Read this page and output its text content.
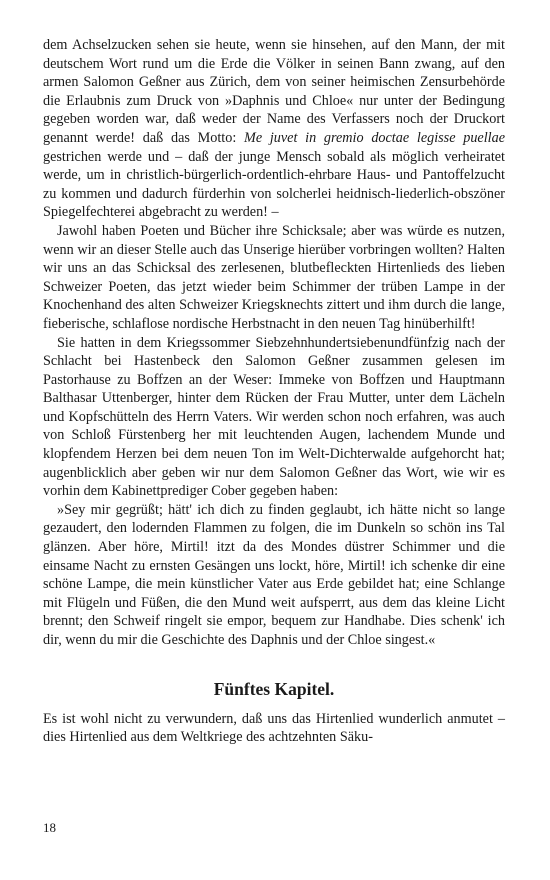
dem Achselzucken sehen sie heute, wenn sie hinsehen, auf den Mann, der mit deutschem Wort rund um die Erde die Völker in seinen Bann zwang, auf den armen Salomon Geßner aus Zürich, dem von seiner heimischen Zensurbehörde die Erlaubnis zum Druck von »Daphnis und Chloe« nur unter der Bedingung gegeben worden war, daß weder der Name des Verfassers noch der Druckort genannt werde! daß das Motto: Me juvet in gremio doctae legisse puellae gestrichen werde und – daß der junge Mensch sobald als möglich verheiratet werde, um in christlich-bürgerlich-ordentlich-ehrbare Haus- und Pantoffelzucht zu kommen und dadurch fürderhin von solcherlei heidnisch-liederlich-obszöner Spiegelfechterei abgebracht zu werden! –

Jawohl haben Poeten und Bücher ihre Schicksale; aber was würde es nutzen, wenn wir an dieser Stelle auch das Unserige hierüber vorbringen wollten? Halten wir uns an das Schicksal des zerlesenen, blutbefleckten Hirtenlieds des lieben Schweizer Poeten, das jetzt wieder beim Schimmer der trüben Lampe in der Knochenhand des alten Schweizer Kriegsknechts zittert und ihm durch die lange, fieberische, schlaflose nordische Herbstnacht in den neuen Tag hinüberhilft!

Sie hatten in dem Kriegssommer Siebzehnhundertsiebenundfünfzig nach der Schlacht bei Hastenbeck den Salomon Geßner zusammen gelesen im Pastorhause zu Boffzen an der Weser: Immeke von Boffzen und Hauptmann Balthasar Uttenberger, hinter dem Rücken der Frau Mutter, unter dem Lächeln und Kopfschütteln des Herrn Vaters. Wir werden schon noch erfahren, was auch von Schloß Fürstenberg her mit leuchtenden Augen, lachendem Munde und klopfendem Herzen bei dem neuen Ton im Welt-Dichterwalde aufgehorcht hat; augenblicklich aber geben wir nur dem Salomon Geßner das Wort, wie wir es vorhin dem Kabinettprediger Cober gegeben haben:

»Sey mir gegrüßt; hätt' ich dich zu finden geglaubt, ich hätte nicht so lange gezaudert, den lodernden Flammen zu folgen, die im Dunkeln so schön ins Tal glänzen. Aber höre, Mirtil! itzt da des Mondes düstrer Schimmer und die einsame Nacht zu ernsten Gesängen uns lockt, höre, Mirtil! ich schenke dir eine schöne Lampe, die mein künstlicher Vater aus Erde gebildet hat; eine Schlange mit Flügeln und Füßen, die den Mund weit aufsperrt, aus dem das kleine Licht brennt; den Schweif ringelt sie empor, bequem zur Handhabe. Dies schenk' ich dir, wenn du mir die Geschichte des Daphnis und der Chloe singest.«

Fünftes Kapitel.

Es ist wohl nicht zu verwundern, daß uns das Hirtenlied wunderlich anmutet – dies Hirtenlied aus dem Weltkriege des achtzehnten Säku-

18
